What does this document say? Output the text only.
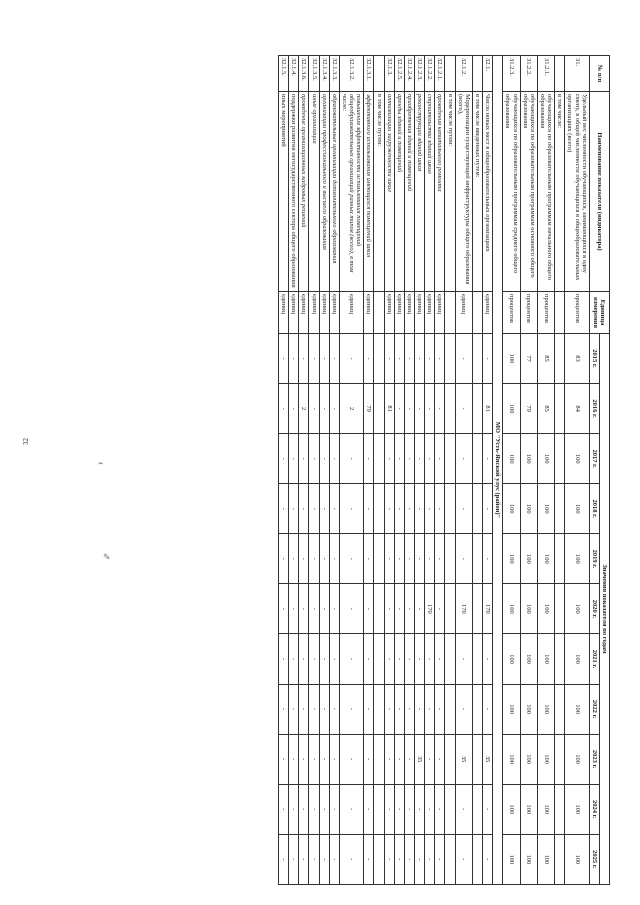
32
⌁
✎
№ п/п	Наименование показателя (индикатора)	Единица измерения	Значения показателя по годам										
			2015 г.	2016 г.	2017 г.	2018 г.	2019 г.	2020 г.	2021 г.	2022 г.	2023 г.	2024 г.	2025 г.
31.	Удельный вес численности обучающихся, занимающихся в одну смену, в общей численности обучающихся в общеобразовательных организациях (всего)	процентов	83	84	100	100	100	100	100	100	100	100	100
	в том числе:												
31.2.1.	обучающихся по образовательным программам начального общего образования	процентов	85	85	100	100	100	100	100	100	100	100	100
31.2.2.	обучающихся по образовательным программам основного общего образования	процентов	77	79	100	100	100	100	100	100	100	100	100
31.2.3.	обучающихся по образовательным программам среднего общего образования	процентов	100	100	100	100	100	100	100	100	100	100	100
МО "Усть-Янский улус (район)"													
32.1.	Число новых мест в общеобразовательных организациях	единиц	-	81	-	-	-	170	-	-	35	-	-
	в том числе введенных путем:												
32.1.2.	Модернизации существующей инфраструктуры общего образования (всего),	единиц	-	-	-	-	-	170	-	-	35	-	-
	в том числе путем:												
32.1.2.1.	проведения капитального ремонта	единиц	-	-	-	-	-	-	-	-	-	-	-
32.1.2.2.	строительства зданий школ	единиц	-	-	-	-	-	170	-	-	-	-	-
32.1.2.3.	реконструкции зданий школ	единиц	-	-	-	-	-	-	-	-	35	-	-
32.1.2.4.	приобретения зданий и помещений	единиц	-	-	-	-	-	-	-	-	-	-	-
32.1.2.5.	аренды зданий и помещений	единиц	-	-	-	-	-	-	-	-	-	-	-
32.1.3.	оптимизации загруженности школ	единиц	-	81	-	-	-	-	-	-	-	-	-
	в том числе путем:												
32.1.3.1.	эффективного использования имеющихся помещений школ	единиц	-	79	-	-	-	-	-	-	-	-	-
32.1.3.2.	повышения эффективности использования помещений общеобразовательных организаций разных типов (всего), в том числе:	единиц	-	2	-	-	-	-	-	-	-	-	-
32.1.3.3.	образовательные организации дополнительного образования	единиц	-	-	-	-	-	-	-	-	-	-	-
32.1.3.4.	организации профессионального и высшего образования	единиц	-	-	-	-	-	-	-	-	-	-	-
32.1.3.5.	иные организации	единиц	-	-	-	-	-	-	-	-	-	-	-
32.1.3.6.	проведение организационных кадровых решений	единиц	-	2	-	-	-	-	-	-	-	-	-
32.1.4.	поддержки развития негосударственного сектора общего образования	единиц	-	-	-	-	-	-	-	-	-	-	-
32.1.5.	иных мероприятий	единиц	-	-	-	-	-	-	-	-	-	-	-
